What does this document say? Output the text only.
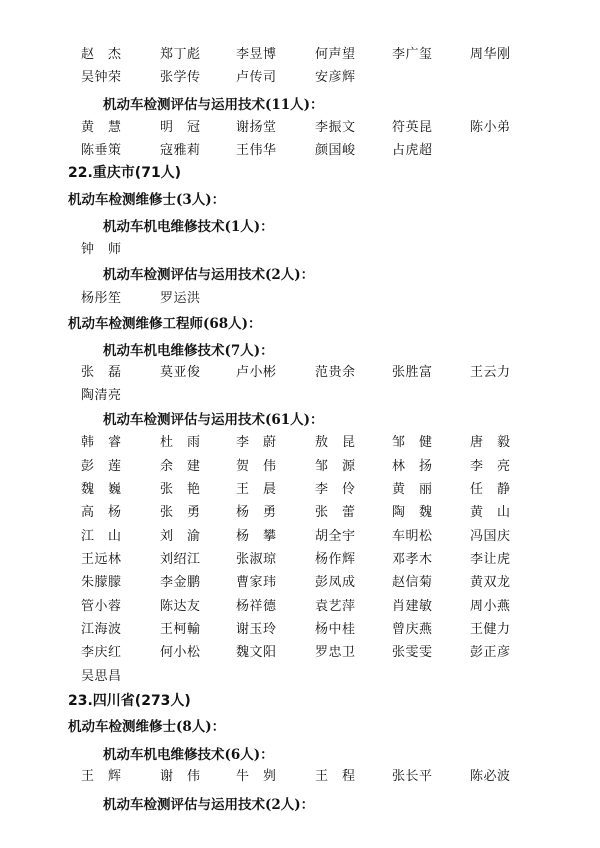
赵　杰	郑丁彪	李昱博	何声望	李广玺	周华刚
吴钟荣	张学传	卢传司	安彦辉
机动车检测评估与运用技术(11人)：
黄　慧	明　冠	谢扬堂	李振文	符英昆	陈小弟
陈垂策	寇雅莉	王伟华	颜国峻	占虎超
22.重庆市(71人)
机动车检测维修士(3人)：
机动车机电维修技术(1人)：
钟　师
机动车检测评估与运用技术(2人)：
杨彤笙	罗运洪
机动车检测维修工程师(68人)：
机动车机电维修技术(7人)：
张　磊	莫亚俊	卢小彬	范贵余	张胜富	王云力
陶清亮
机动车检测评估与运用技术(61人)：
韩　睿	杜　雨	李　蔚	敖　昆	邹　健	唐　毅
彭　莲	余　建	贺　伟	邹　源	林　扬	李　亮
魏　巍	张　艳	王　晨	李　伶	黄　丽	任　静
高　杨	张　勇	杨　勇	张　蕾	陶　魏	黄　山
江　山	刘　渝	杨　攀	胡全宇	车明松	冯国庆
王远林	刘绍江	张淑琼	杨作辉	邓孝木	李让虎
朱朦朦	李金鹏	曹家玮	彭凤成	赵信菊	黄双龙
管小蓉	陈达友	杨祥德	袁艺萍	肖建敏	周小燕
江海波	王柯輸	谢玉玲	杨中桂	曾庆燕	王健力
李庆红	何小松	魏文阳	罗忠卫	张雯雯	彭正彦
吴思昌
23.四川省(273人)
机动车检测维修士(8人)：
机动车机电维修技术(6人)：
王　辉	谢　伟	牛　刿	王　程	张长平	陈必波
机动车检测评估与运用技术(2人)：
